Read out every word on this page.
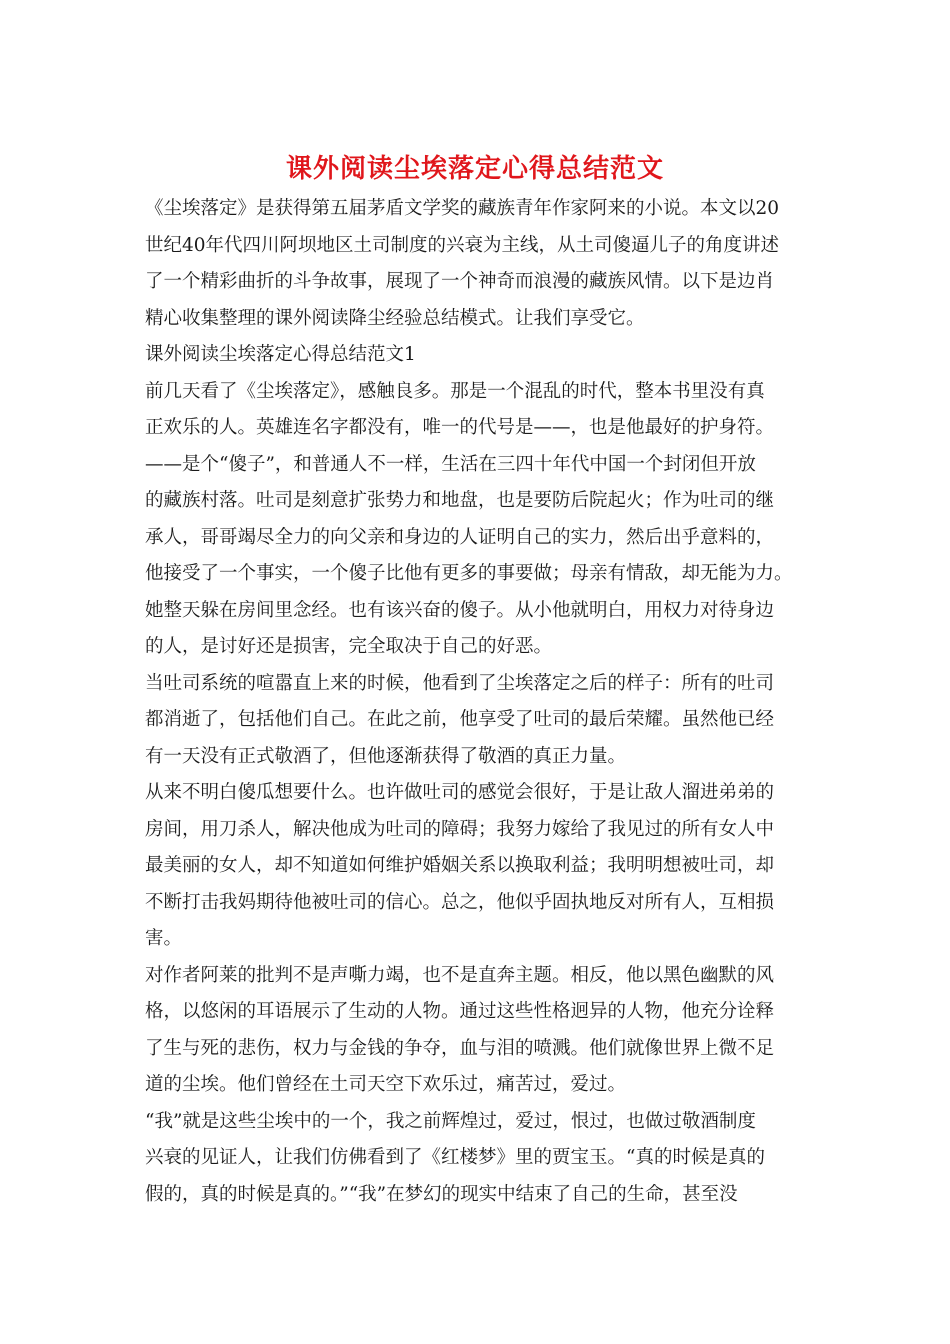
课外阅读尘埃落定心得总结范文
《尘埃落定》是获得第五届茅盾文学奖的藏族青年作家阿来的小说。本文以20
世纪40年代四川阿坝地区土司制度的兴衰为主线，从土司傻逼儿子的角度讲述
了一个精彩曲折的斗争故事，展现了一个神奇而浪漫的藏族风情。以下是边肖
精心收集整理的课外阅读降尘经验总结模式。让我们享受它。
课外阅读尘埃落定心得总结范文1
前几天看了《尘埃落定》，感触良多。那是一个混乱的时代，整本书里没有真
正欢乐的人。英雄连名字都没有，唯一的代号是——，也是他最好的护身符。
——是个“傻子”，和普通人不一样，生活在三四十年代中国一个封闭但开放
的藏族村落。吐司是刻意扩张势力和地盘，也是要防后院起火；作为吐司的继
承人，哥哥竭尽全力的向父亲和身边的人证明自己的实力，然后出乎意料的，
他接受了一个事实，一个傻子比他有更多的事要做；母亲有情敌，却无能为力。
她整天躲在房间里念经。也有该兴奋的傻子。从小他就明白，用权力对待身边
的人，是讨好还是损害，完全取决于自己的好恶。
当吐司系统的喧嚣直上来的时候，他看到了尘埃落定之后的样子：所有的吐司
都消逝了，包括他们自己。在此之前，他享受了吐司的最后荣耀。虽然他已经
有一天没有正式敬酒了，但他逐渐获得了敬酒的真正力量。
从来不明白傻瓜想要什么。也许做吐司的感觉会很好，于是让敌人溜进弟弟的
房间，用刀杀人，解决他成为吐司的障碍；我努力嫁给了我见过的所有女人中
最美丽的女人，却不知道如何维护婚姻关系以换取利益；我明明想被吐司，却
不断打击我妈期待他被吐司的信心。总之，他似乎固执地反对所有人，互相损
害。
对作者阿莱的批判不是声嘶力竭，也不是直奔主题。相反，他以黑色幽默的风
格，以悠闲的耳语展示了生动的人物。通过这些性格迥异的人物，他充分诠释
了生与死的悲伤，权力与金钱的争夺，血与泪的喷溅。他们就像世界上微不足
道的尘埃。他们曾经在土司天空下欢乐过，痛苦过，爱过。
“我”就是这些尘埃中的一个，我之前辉煌过，爱过，恨过，也做过敬酒制度
兴衰的见证人，让我们仿佛看到了《红楼梦》里的贾宝玉。“真的时候是真的
假的，真的时候是真的。”“我”在梦幻的现实中结束了自己的生命，甚至没
